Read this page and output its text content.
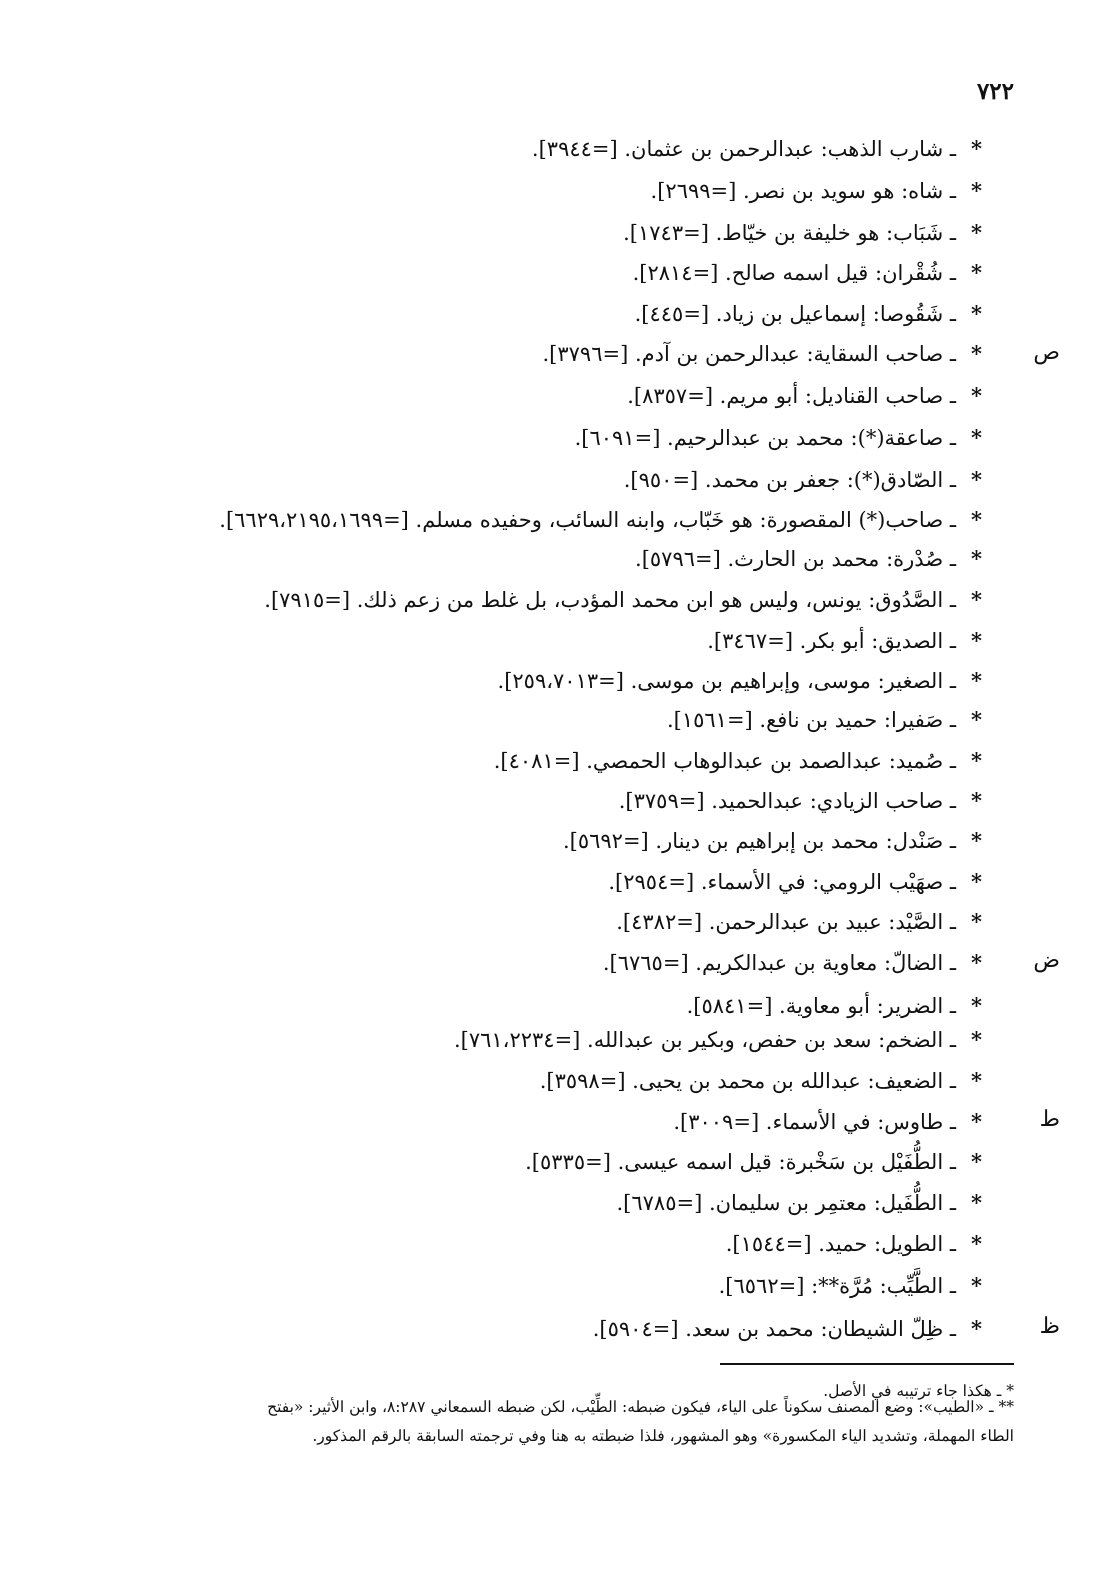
٧٢٢
*ـ شارب الذهب: عبدالرحمن بن عثمان. [=٣٩٤٤].
*ـ شاه: هو سويد بن نصر. [=٢٦٩٩].
*ـ شَبَاب: هو خليفة بن خيّاط. [=١٧٤٣].
*ـ شُقْران: قيل اسمه صالح. [=٢٨١٤].
*ـ شَقُوصا: إسماعيل بن زياد. [=٤٤٥].
*ـ صاحب السقاية: عبدالرحمن بن آدم. [=٣٧٩٦].
*ـ صاحب القناديل: أبو مريم. [=٨٣٥٧].
*ـ صاعقة(*): محمد بن عبدالرحيم. [=٦٠٩١].
*ـ الصّادق(*): جعفر بن محمد. [=٩٥٠].
*ـ صاحب(*) المقصورة: هو خَبّاب، وابنه السائب، وحفيده مسلم. [=٦٦٢٩،٢١٩٥،١٦٩٩].
*ـ صُدْرة: محمد بن الحارث. [=٥٧٩٦].
*ـ الصَّدُوق: يونس، وليس هو ابن محمد المؤدب، بل غلط من زعم ذلك. [=٧٩١٥].
*ـ الصديق: أبو بكر. [=٣٤٦٧].
*ـ الصغير: موسى، وإبراهيم بن موسى. [=٢٥٩،٧٠١٣].
*ـ صَفيرا: حميد بن نافع. [=١٥٦١].
*ـ صُميد: عبدالصمد بن عبدالوهاب الحمصي. [=٤٠٨١].
*ـ صاحب الزيادي: عبدالحميد. [=٣٧٥٩].
*ـ صَنْدل: محمد بن إبراهيم بن دينار. [=٥٦٩٢].
*ـ صهَيْب الرومي: في الأسماء. [=٢٩٥٤].
*ـ الصَّيْد: عبيد بن عبدالرحمن. [=٤٣٨٢].
*ـ الضالّ: معاوية بن عبدالكريم. [=٦٧٦٥].
*ـ الضرير: أبو معاوية. [=٥٨٤١].
*ـ الضخم: سعد بن حفص، وبكير بن عبدالله. [=٧٦١،٢٢٣٤].
*ـ الضعيف: عبدالله بن محمد بن يحيى. [=٣٥٩٨].
*ـ طاوس: في الأسماء. [=٣٠٠٩].
*ـ الطُّفَيْل بن سَخْبرة: قيل اسمه عيسى. [=٥٣٣٥].
*ـ الطُّفَيل: معتمِر بن سليمان. [=٦٧٨٥].
*ـ الطويل: حميد. [=١٥٤٤].
*ـ الطَّيِّب: مُرَّة**: [=٦٥٦٢].
*ـ ظِلّ الشيطان: محمد بن سعد. [=٥٩٠٤].
ص
ض
ط
ظ
* ـ هكذا جاء ترتيبه في الأصل.
** ـ «الطيب»: وضع المصنف سكوناً على الياء، فيكون ضبطه: الطِّيْب، لكن ضبطه السمعاني ٨:٢٨٧، وابن الأثير: «بفتح
الطاء المهملة، وتشديد الياء المكسورة» وهو المشهور، فلذا ضبطته به هنا وفي ترجمته السابقة بالرقم المذكور.
